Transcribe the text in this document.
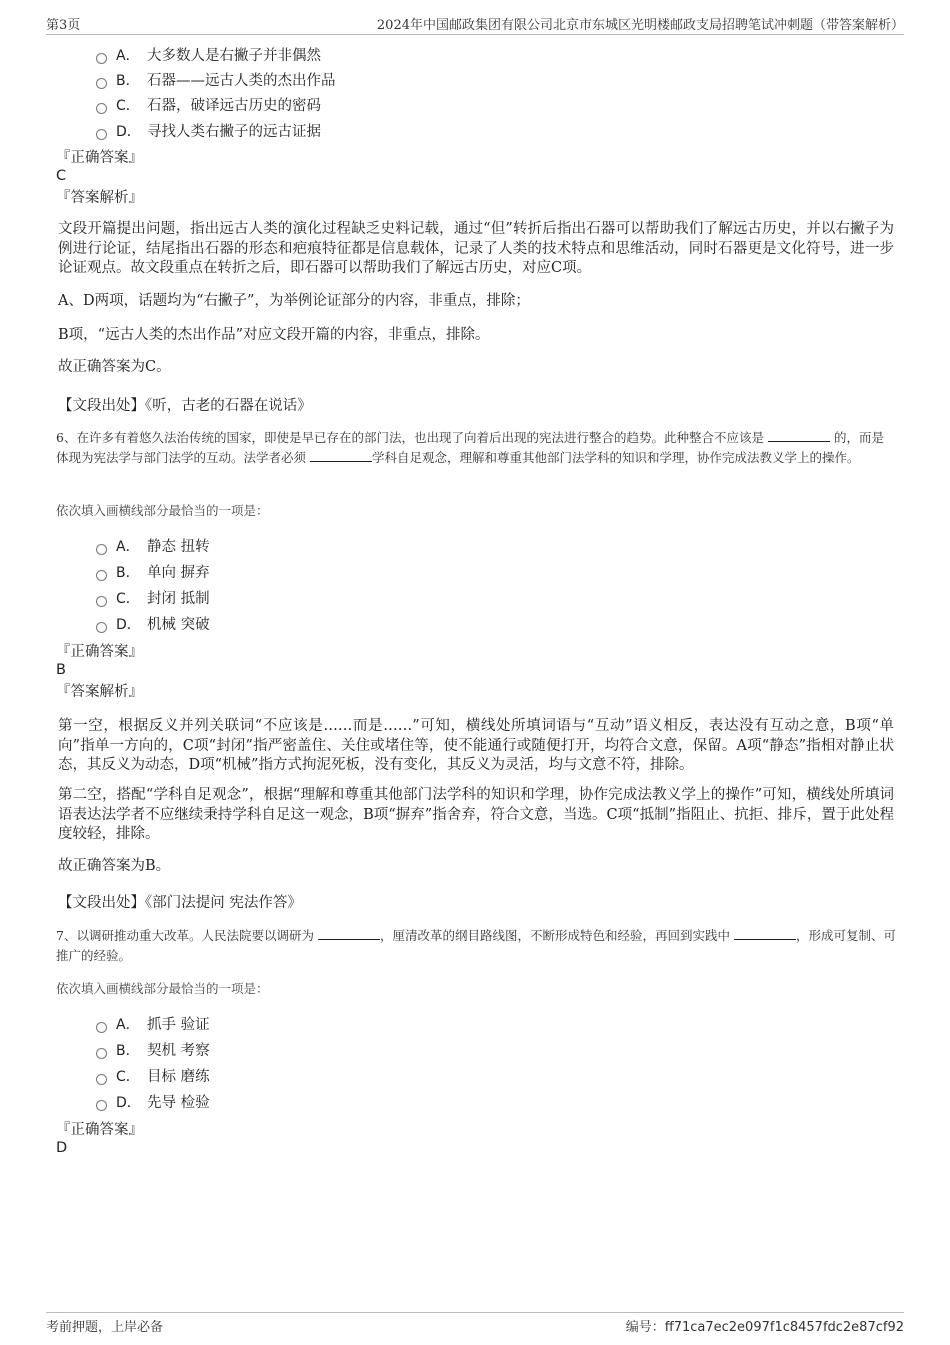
第3页	2024年中国邮政集团有限公司北京市东城区光明楼邮政支局招聘笔试冲刺题（带答案解析）
A． 大多数人是右撇子并非偶然
B． 石器——远古人类的杰出作品
C． 石器，破译远古历史的密码
D． 寻找人类右撇子的远古证据
『正确答案』
C
『答案解析』
文段开篇提出问题，指出远古人类的演化过程缺乏史料记载，通过“但”转折后指出石器可以帮助我们了解远古历史，并以右撇子为例进行论证，结尾指出石器的形态和疤痕特征都是信息载体，记录了人类的技术特点和思维活动，同时石器更是文化符号，进一步论证观点。故文段重点在转折之后，即石器可以帮助我们了解远古历史，对应C项。
A、D两项，话题均为“右撇子”，为举例论证部分的内容，非重点，排除；
B项，“远古人类的杰出作品”对应文段开篇的内容，非重点，排除。
故正确答案为C。
【文段出处】《听，古老的石器在说话》
6、在许多有着悠久法治传统的国家，即使是早已存在的部门法，也出现了向着后出现的宪法进行整合的趋势。此种整合不应该是	的，而是体现为宪法学与部门法学的互动。法学者必须	学科自足观念，理解和尊重其他部门法学科的知识和学理，协作完成法教义学上的操作。
依次填入画横线部分最恰当的一项是：
A． 静态 扭转
B． 单向 摒弃
C． 封闭 抵制
D． 机械 突破
『正确答案』
B
『答案解析』
第一空，根据反义并列关联词“不应该是……而是……”可知，横线处所填词语与“互动”语义相反，表达没有互动之意，B项“单向”指单一方向的，C项“封闭”指严密盖住、关住或堵住等，使不能通行或随便打开，均符合文意，保留。A项“静态”指相对静止状态，其反义为动态，D项“机械”指方式拘泥死板，没有变化，其反义为灵活，均与文意不符，排除。
第二空，搭配“学科自足观念”，根据“理解和尊重其他部门法学科的知识和学理，协作完成法教义学上的操作”可知，横线处所填词语表达法学者不应继续秉持学科自足这一观念，B项“摒弃”指舍弃，符合文意，当选。C项“抵制”指阻止、抗拒、排斥，置于此处程度较轻，排除。
故正确答案为B。
【文段出处】《部门法提问 宪法作答》
7、以调研推动重大改革。人民法院要以调研为	，厘清改革的纲目路线图，不断形成特色和经验，再回到实践中	，形成可复制、可推广的经验。
依次填入画横线部分最恰当的一项是：
A． 抓手 验证
B． 契机 考察
C． 目标 磨练
D． 先导 检验
『正确答案』
D
考前押题，上岸必备	编号：ff71ca7ec2e097f1c8457fdc2e87cf92
